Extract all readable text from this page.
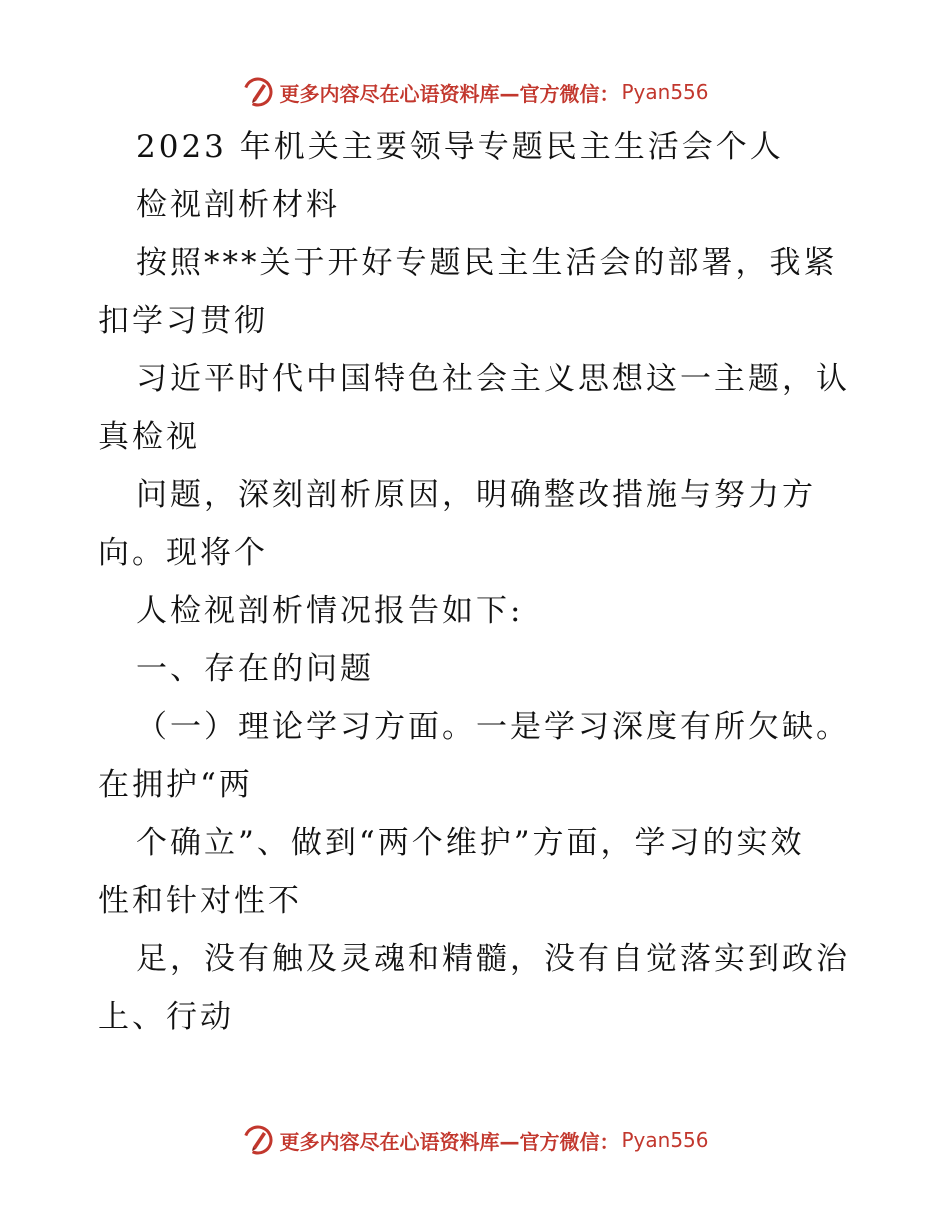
更多内容尽在心语资料库—官方微信： Pyan556
2023 年机关主要领导专题民主生活会个人
检视剖析材料
按照***关于开好专题民主生活会的部署，我紧
扣学习贯彻
习近平时代中国特色社会主义思想这一主题，认
真检视
问题，深刻剖析原因，明确整改措施与努力方
向。现将个
人检视剖析情况报告如下:
一、存在的问题
（一）理论学习方面。一是学习深度有所欠缺。
在拥护“两
个确立”、做到“两个维护”方面，学习的实效
性和针对性不
足，没有触及灵魂和精髓，没有自觉落实到政治
上、行动
更多内容尽在心语资料库—官方微信： Pyan556
